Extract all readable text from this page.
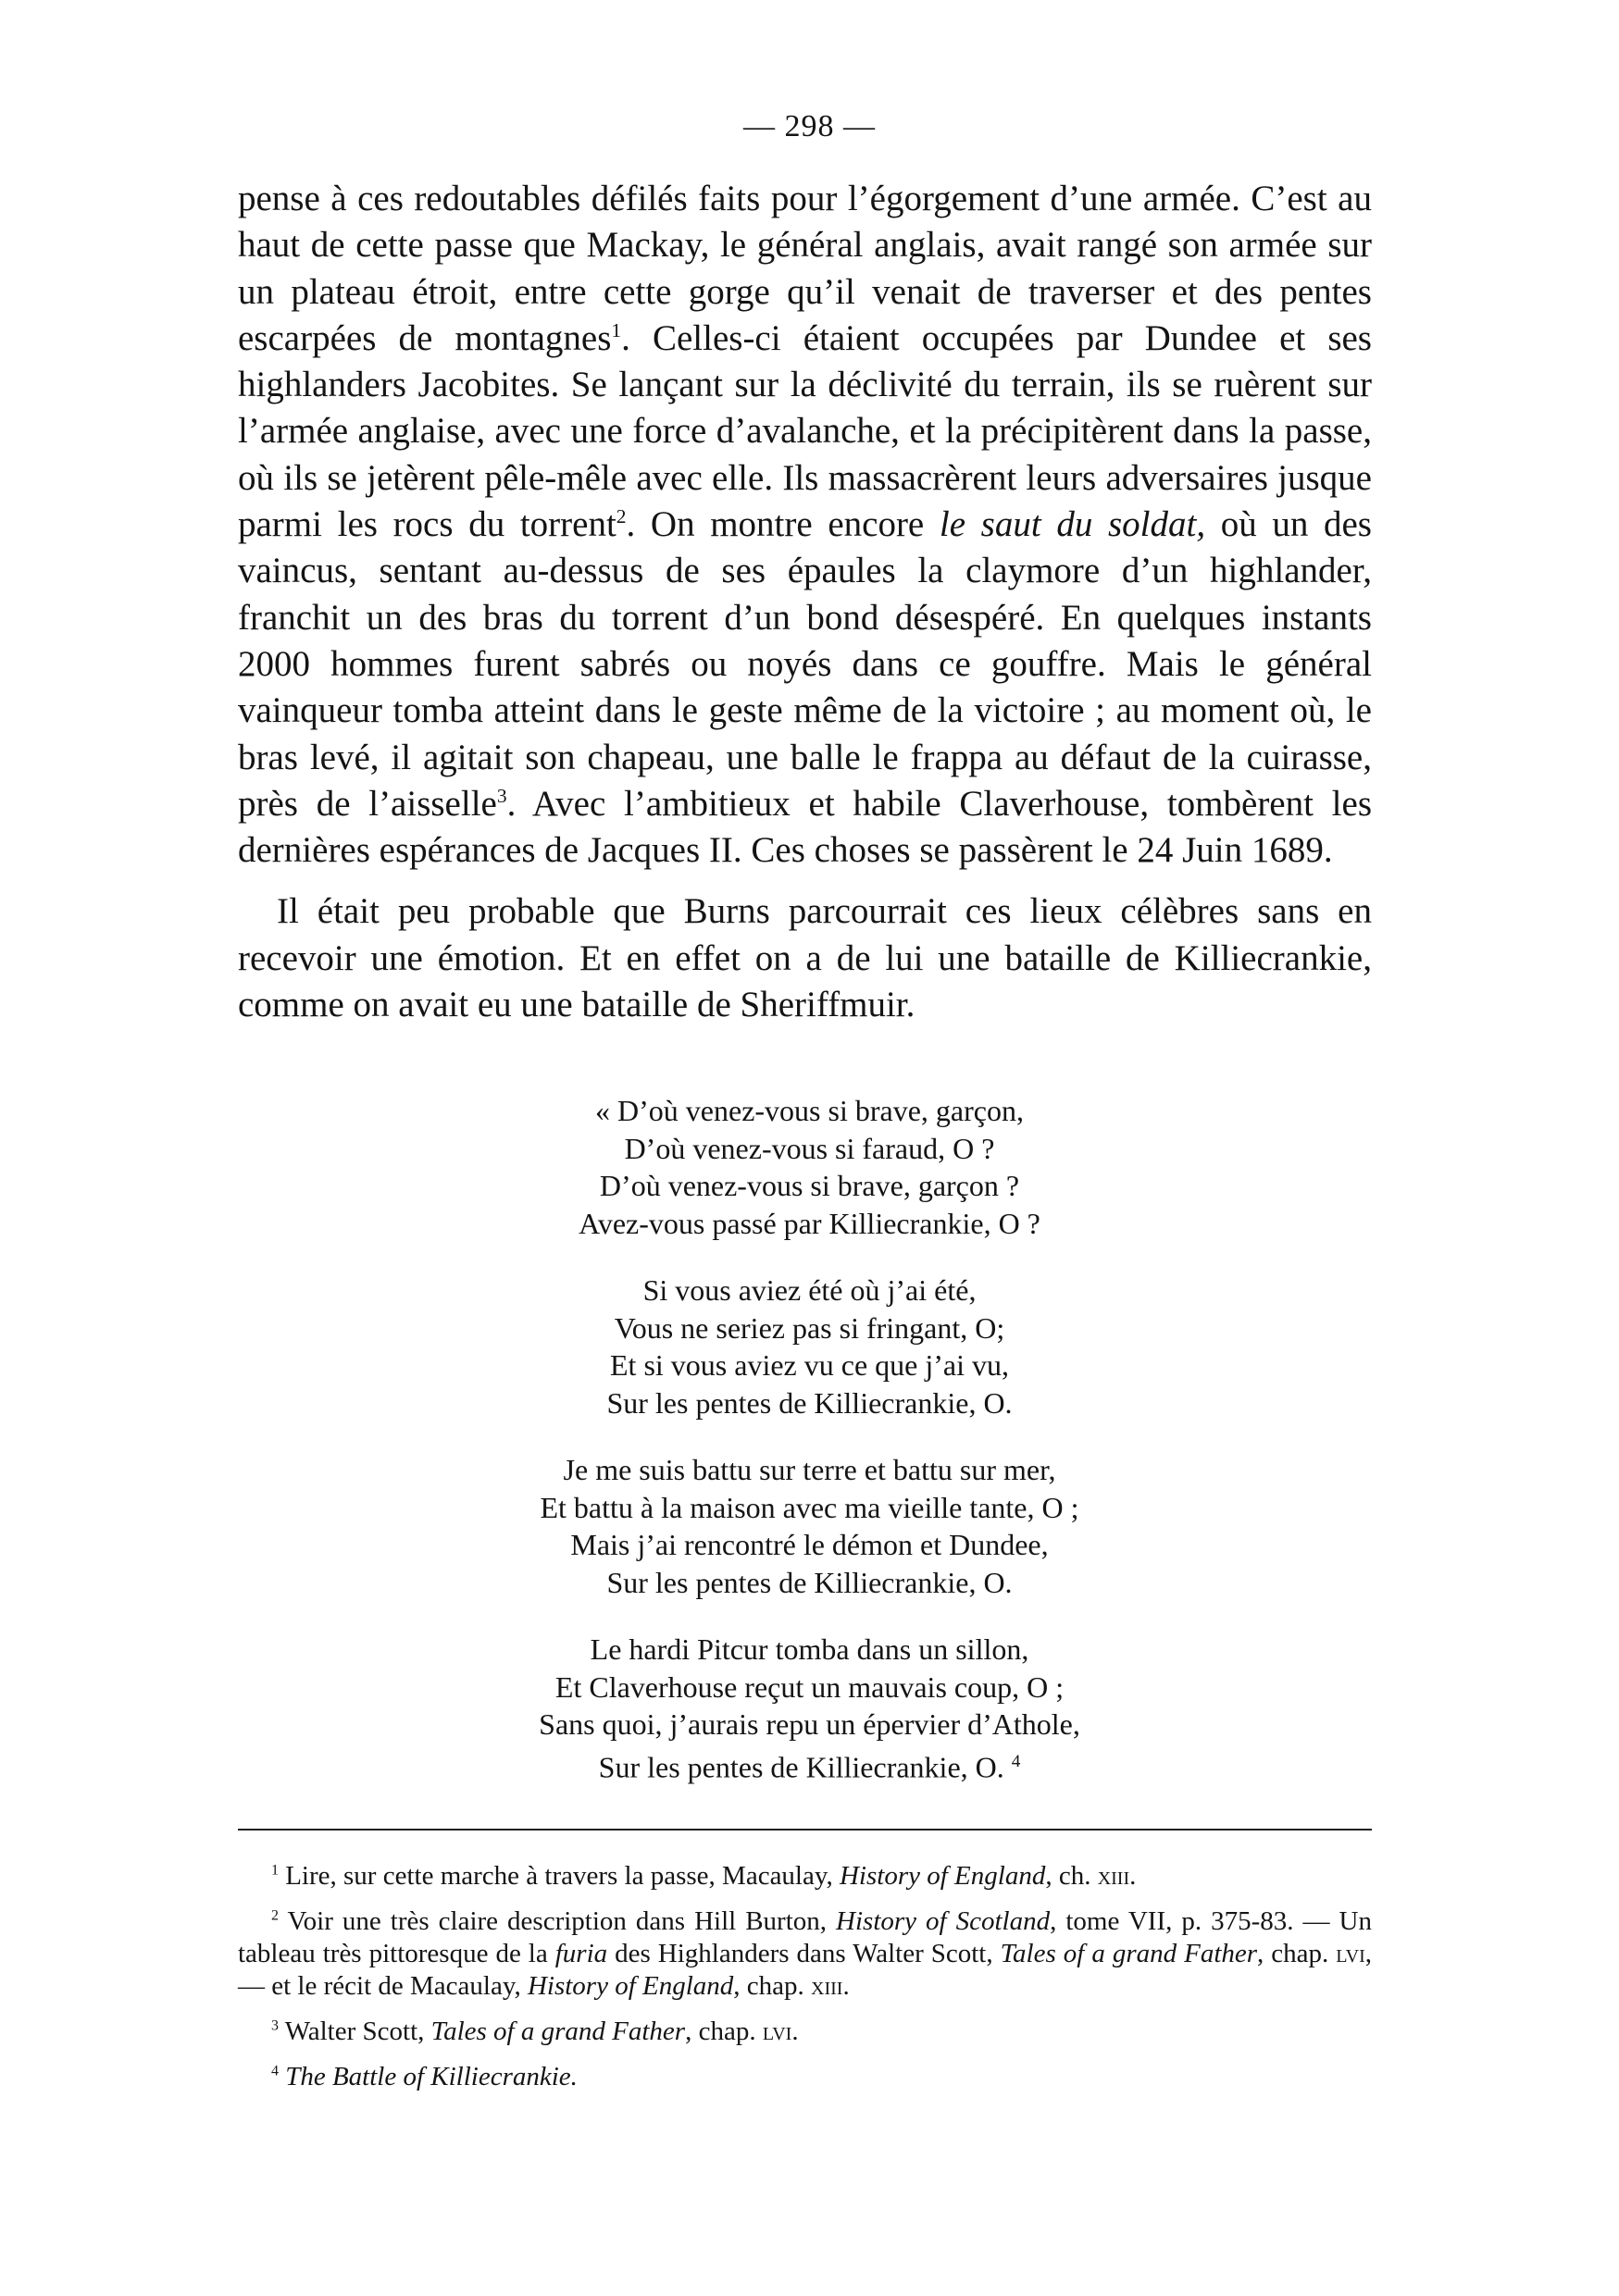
— 298 —

pense à ces redoutables défilés faits pour l’égorgement d’une armée. C’est au haut de cette passe que Mackay, le général anglais, avait rangé son armée sur un plateau étroit, entre cette gorge qu’il venait de traverser et des pentes escarpées de montagnes$^1$. Celles-ci étaient occupées par Dundee et ses highlanders Jacobites. Se lançant sur la déclivité du terrain, ils se ruèrent sur l’armée anglaise, avec une force d’avalanche, et la précipitèrent dans la passe, où ils se jetèrent pêle-mêle avec elle. Ils massacrèrent leurs adversaires jusque parmi les rocs du torrent$^2$. On montre encore le saut du soldat, où un des vaincus, sentant au-dessus de ses épaules la claymore d’un highlander, franchit un des bras du torrent d’un bond désespéré. En quelques instants 2000 hommes furent sabrés ou noyés dans ce gouffre. Mais le général vainqueur tomba atteint dans le geste même de la victoire ; au moment où, le bras levé, il agitait son chapeau, une balle le frappa au défaut de la cuirasse, près de l’aisselle$^3$. Avec l’ambitieux et habile Claverhouse, tombèrent les dernières espérances de Jacques II. Ces choses se passèrent le 24 Juin 1689.

Il était peu probable que Burns parcourrait ces lieux célèbres sans en recevoir une émotion. Et en effet on a de lui une bataille de Killiecrankie, comme on avait eu une bataille de Sheriffmuir.

« D’où venez-vous si brave, garçon,
D’où venez-vous si faraud, O ?
D’où venez-vous si brave, garçon ?
Avez-vous passé par Killiecrankie, O ?
Si vous aviez été où j’ai été,
Vous ne seriez pas si fringant, O;
Et si vous aviez vu ce que j’ai vu,
Sur les pentes de Killiecrankie, O.
Je me suis battu sur terre et battu sur mer,
Et battu à la maison avec ma vieille tante, O ;
Mais j’ai rencontré le démon et Dundee,
Sur les pentes de Killiecrankie, O.
Le hardi Pitcur tomba dans un sillon,
Et Claverhouse reçut un mauvais coup, O ;
Sans quoi, j’aurais repu un épervier d’Athole,
Sur les pentes de Killiecrankie, O. $^4$

$^1$ Lire, sur cette marche à travers la passe, Macaulay, History of England, ch. xiii.

$^2$ Voir une très claire description dans Hill Burton, History of Scotland, tome VII, p. 375-83. — Un tableau très pittoresque de la furia des Highlanders dans Walter Scott, Tales of a grand Father, chap. lvi, — et le récit de Macaulay, History of England, chap. xiii.

$^3$ Walter Scott, Tales of a grand Father, chap. lvi.

$^4$ The Battle of Killiecrankie.
